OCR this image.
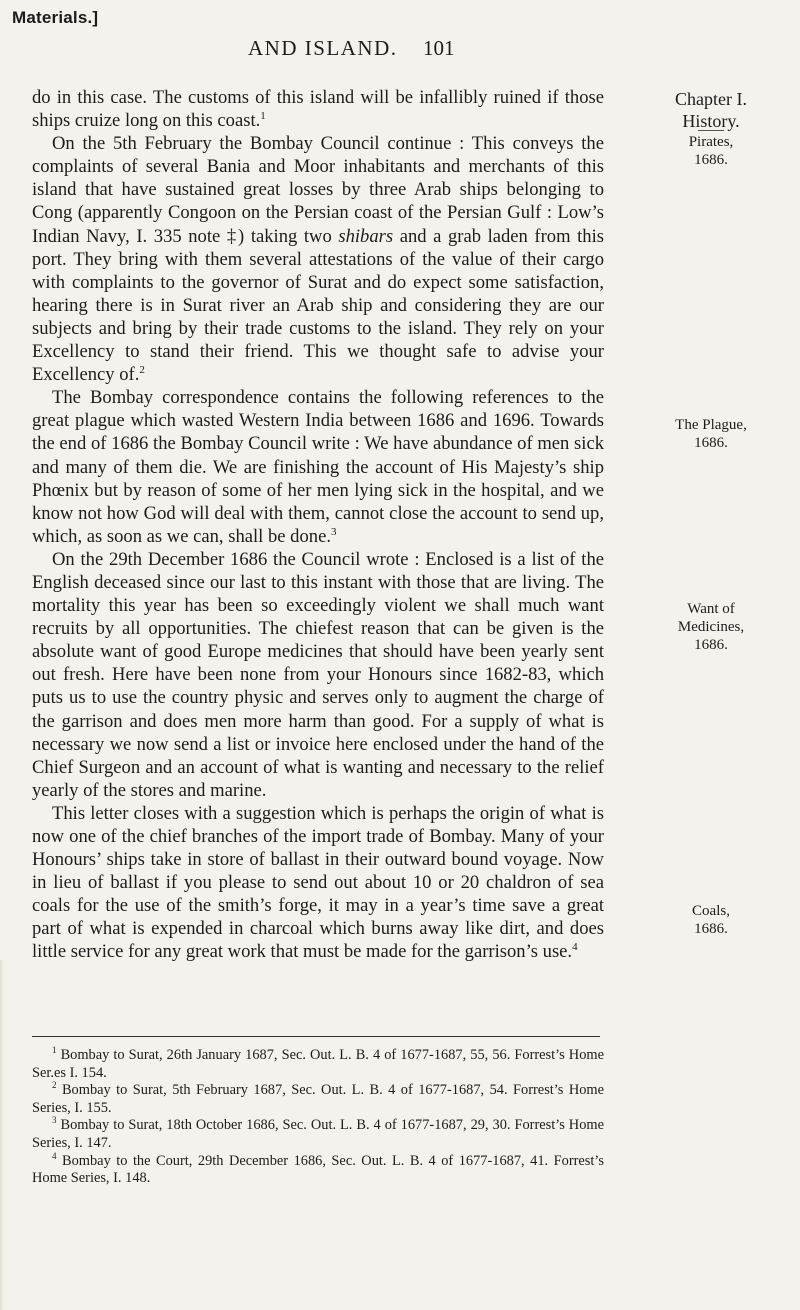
Materials.]
AND ISLAND. 101

do in this case. The customs of this island will be infallibly ruined if those ships cruize long on this coast.$^1$

On the 5th February the Bombay Council continue : This conveys the complaints of several Bania and Moor inhabitants and merchants of this island that have sustained great losses by three Arab ships belonging to Cong (apparently Congoon on the Persian coast of the Persian Gulf : Low’s Indian Navy, I. 335 note ‡) taking two shibars and a grab laden from this port. They bring with them several attestations of the value of their cargo with complaints to the governor of Surat and do expect some satisfaction, hearing there is in Surat river an Arab ship and considering they are our subjects and bring by their trade customs to the island. They rely on your Excellency to stand their friend. This we thought safe to advise your Excellency of.$^2$

The Bombay correspondence contains the following references to the great plague which wasted Western India between 1686 and 1696. Towards the end of 1686 the Bombay Council write : We have abundance of men sick and many of them die. We are finishing the account of His Majesty’s ship Phœnix but by reason of some of her men lying sick in the hospital, and we know not how God will deal with them, cannot close the account to send up, which, as soon as we can, shall be done.$^3$

On the 29th December 1686 the Council wrote : Enclosed is a list of the English deceased since our last to this instant with those that are living. The mortality this year has been so exceedingly violent we shall much want recruits by all opportunities. The chiefest reason that can be given is the absolute want of good Europe medicines that should have been yearly sent out fresh. Here have been none from your Honours since 1682-83, which puts us to use the country physic and serves only to augment the charge of the garrison and does men more harm than good. For a supply of what is necessary we now send a list or invoice here enclosed under the hand of the Chief Surgeon and an account of what is wanting and necessary to the relief yearly of the stores and marine.

This letter closes with a suggestion which is perhaps the origin of what is now one of the chief branches of the import trade of Bombay. Many of your Honours’ ships take in store of ballast in their outward bound voyage. Now in lieu of ballast if you please to send out about 10 or 20 chaldron of sea coals for the use of the smith’s forge, it may in a year’s time save a great part of what is expended in charcoal which burns away like dirt, and does little service for any great work that must be made for the garrison’s use.$^4$

Chapter I.
History.
Pirates,
1686.
The Plague,
1686.
Want of
Medicines,
1686.
Coals,
1686.

$^1$ Bombay to Surat, 26th January 1687, Sec. Out. L. B. 4 of 1677-1687, 55, 56. Forrest’s Home Ser.es I. 154.

$^2$ Bombay to Surat, 5th February 1687, Sec. Out. L. B. 4 of 1677-1687, 54. Forrest’s Home Series, I. 155.

$^3$ Bombay to Surat, 18th October 1686, Sec. Out. L. B. 4 of 1677-1687, 29, 30. Forrest’s Home Series, I. 147.

$^4$ Bombay to the Court, 29th December 1686, Sec. Out. L. B. 4 of 1677-1687, 41. Forrest’s Home Series, I. 148.
